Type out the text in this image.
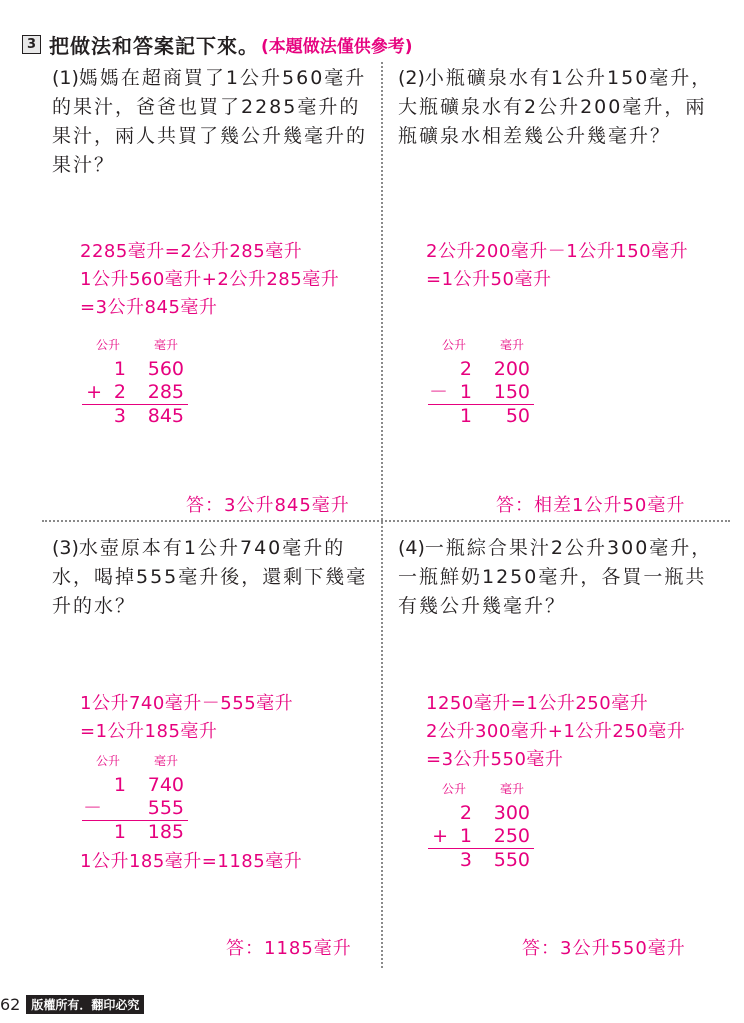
3 把做法和答案記下來。 (本題做法僅供參考)

(1)媽媽在超商買了1公升560毫升的果汁，爸爸也買了2285毫升的果汁，兩人共買了幾公升幾毫升的果汁？

2285毫升=2公升285毫升
1公升560毫升+2公升285毫升
=3公升845毫升
公升	毫升
1	560
+ 2	285
3	845
答：3公升845毫升

(2)小瓶礦泉水有1公升150毫升，大瓶礦泉水有2公升200毫升，兩瓶礦泉水相差幾公升幾毫升？

2公升200毫升－1公升150毫升
=1公升50毫升
公升	毫升
2	200
－ 1	150
1	50
答：相差1公升50毫升

(3)水壺原本有1公升740毫升的水，喝掉555毫升後，還剩下幾毫升的水？

1公升740毫升－555毫升
=1公升185毫升
公升	毫升
1	740
－	555
1	185
1公升185毫升=1185毫升
答：1185毫升

(4)一瓶綜合果汁2公升300毫升，一瓶鮮奶1250毫升，各買一瓶共有幾公升幾毫升？

1250毫升=1公升250毫升
2公升300毫升+1公升250毫升
=3公升550毫升
公升	毫升
2	300
+ 1	250
3	550
答：3公升550毫升
62 版權所有．翻印必究
